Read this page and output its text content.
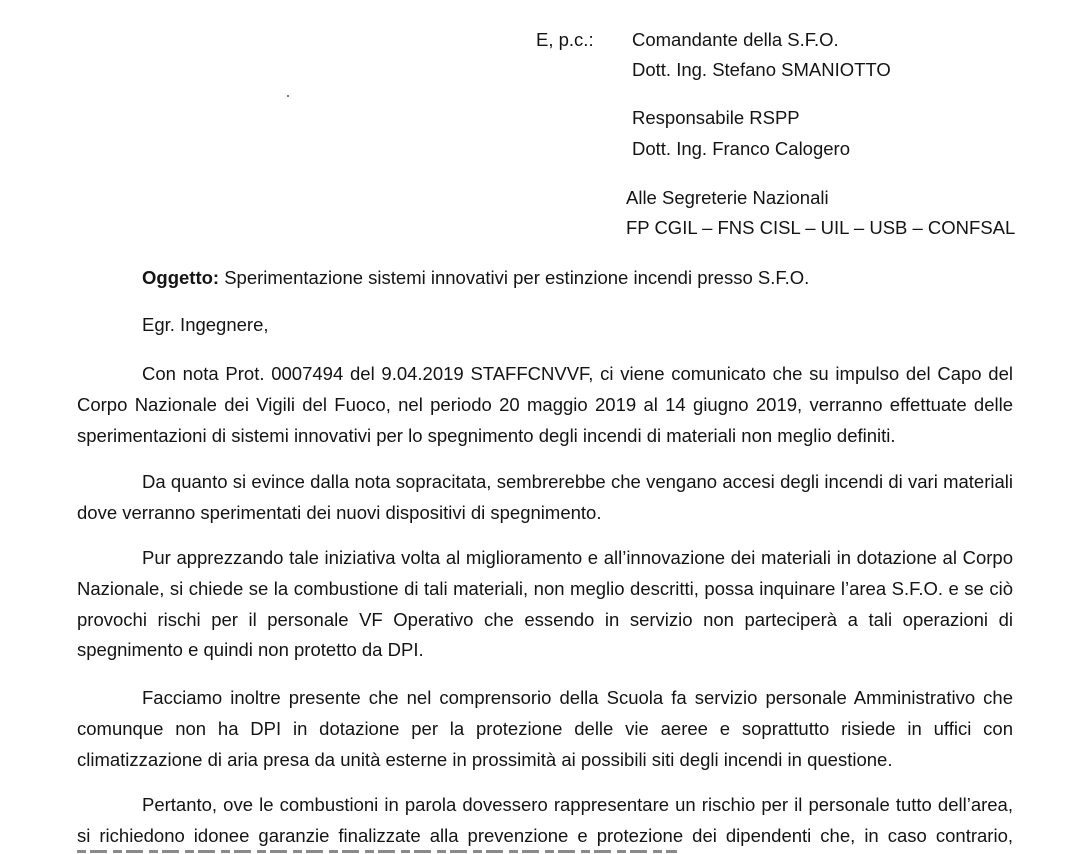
E, p.c.: Comandante della S.F.O.
Dott. Ing. Stefano SMANIOTTO
Responsabile RSPP
Dott. Ing. Franco Calogero
Alle Segreterie Nazionali
FP CGIL – FNS CISL – UIL – USB – CONFSAL
Oggetto: Sperimentazione sistemi innovativi per estinzione incendi presso S.F.O.
Egr. Ingegnere,
Con nota Prot. 0007494 del 9.04.2019 STAFFCNVVF, ci viene comunicato che su impulso del Capo del
Corpo Nazionale dei Vigili del Fuoco, nel periodo 20 maggio 2019 al 14 giugno 2019, verranno effettuate delle
sperimentazioni di sistemi innovativi per lo spegnimento degli incendi di materiali non meglio definiti.
Da quanto si evince dalla nota sopracitata, sembrerebbe che vengano accesi degli incendi di vari materiali
dove verranno sperimentati dei nuovi dispositivi di spegnimento.
Pur apprezzando tale iniziativa volta al miglioramento e all’innovazione dei materiali in dotazione al Corpo
Nazionale, si chiede se la combustione di tali materiali, non meglio descritti, possa inquinare l’area S.F.O. e se ciò
provochi rischi per il personale VF Operativo che essendo in servizio non parteciperà a tali operazioni di
spegnimento e quindi non protetto da DPI.
Facciamo inoltre presente che nel comprensorio della Scuola fa servizio personale Amministrativo che
comunque non ha DPI in dotazione per la protezione delle vie aeree e soprattutto risiede in uffici con
climatizzazione di aria presa da unità esterne in prossimità ai possibili siti degli incendi in questione.
Pertanto, ove le combustioni in parola dovessero rappresentare un rischio per il personale tutto dell’area,
si richiedono idonee garanzie finalizzate alla prevenzione e protezione dei dipendenti che, in caso contrario,
